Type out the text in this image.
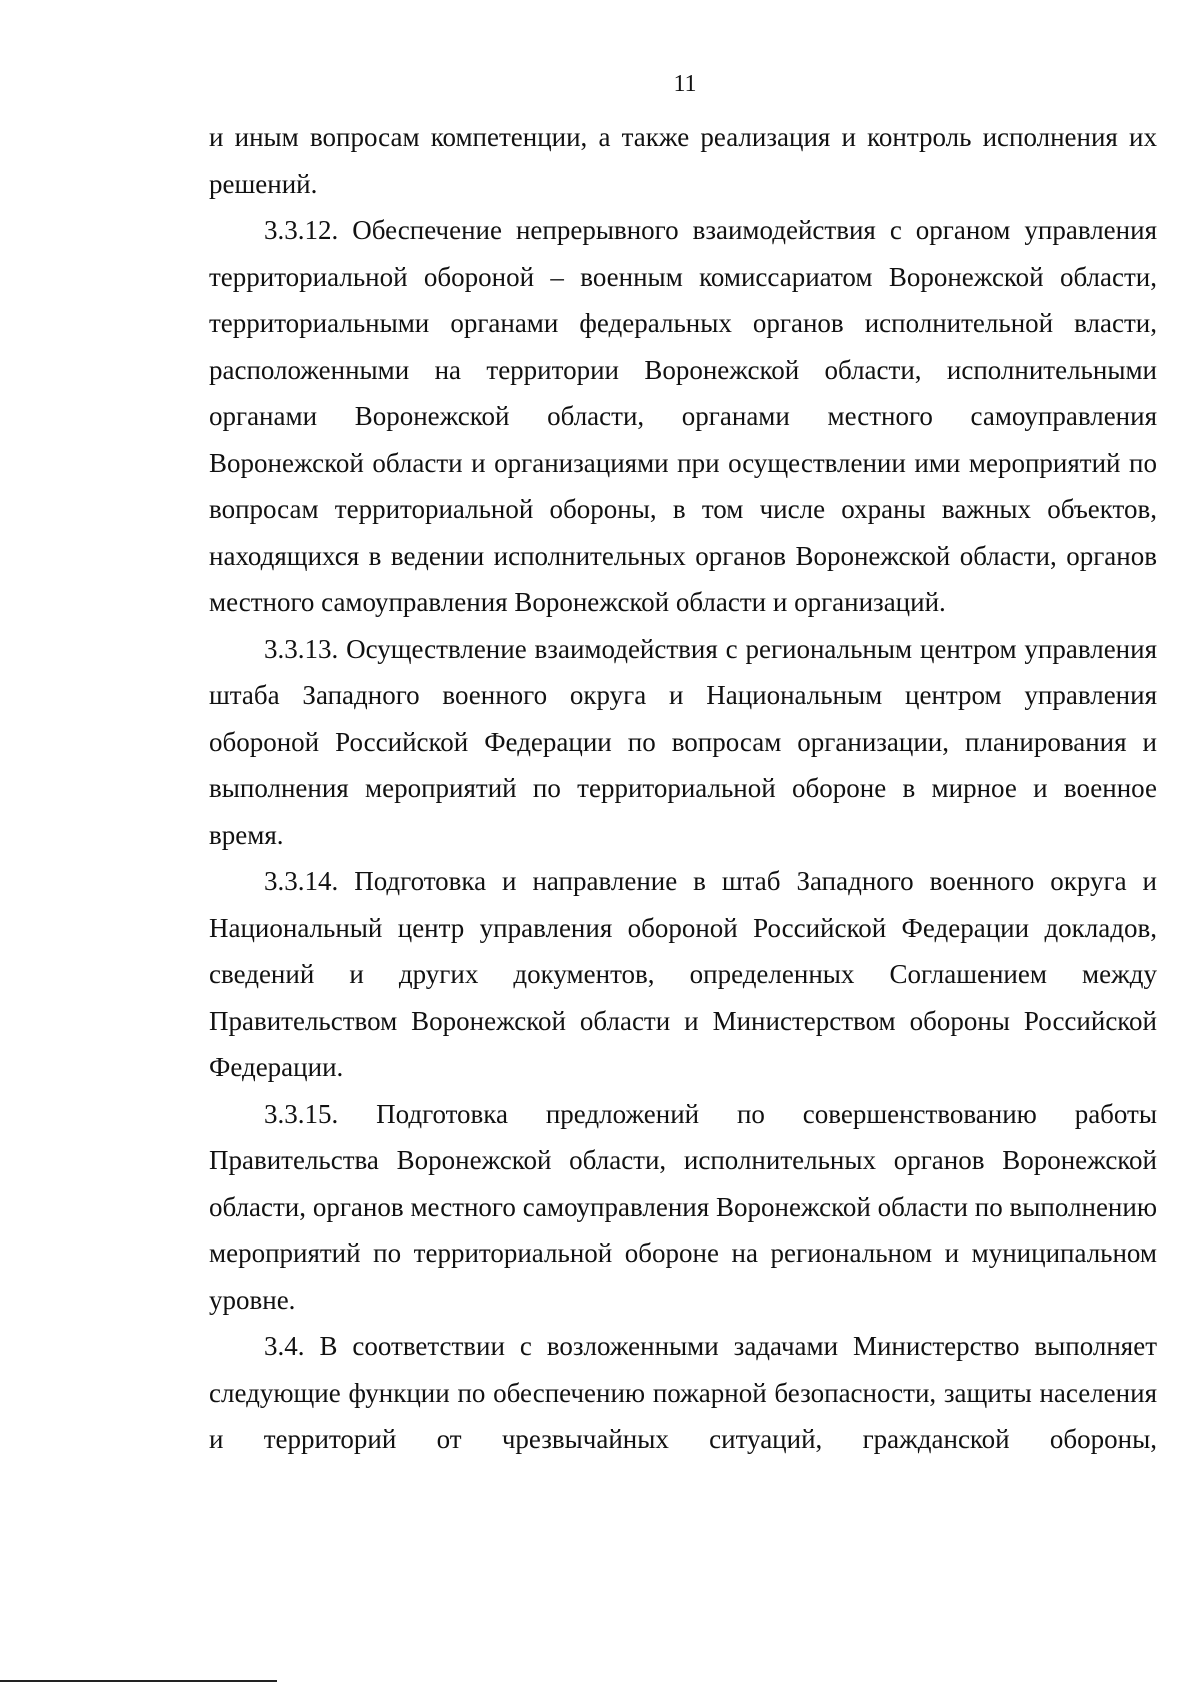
11

и иным вопросам компетенции, а также реализация и контроль исполнения их решений.

3.3.12. Обеспечение непрерывного взаимодействия с органом управления территориальной обороной – военным комиссариатом Воронежской области, территориальными органами федеральных органов исполнительной власти, расположенными на территории Воронежской области, исполнительными органами Воронежской области, органами местного самоуправления Воронежской области и организациями при осуществлении ими мероприятий по вопросам территориальной обороны, в том числе охраны важных объектов, находящихся в ведении исполнительных органов Воронежской области, органов местного самоуправления Воронежской области и организаций.

3.3.13. Осуществление взаимодействия с региональным центром управления штаба Западного военного округа и Национальным центром управления обороной Российской Федерации по вопросам организации, планирования и выполнения мероприятий по территориальной обороне в мирное и военное время.

3.3.14. Подготовка и направление в штаб Западного военного округа и Национальный центр управления обороной Российской Федерации докладов, сведений и других документов, определенных Соглашением между Правительством Воронежской области и Министерством обороны Российской Федерации.

3.3.15. Подготовка предложений по совершенствованию работы Правительства Воронежской области, исполнительных органов Воронежской области, органов местного самоуправления Воронежской области по выполнению мероприятий по территориальной обороне на региональном и муниципальном уровне.

3.4. В соответствии с возложенными задачами Министерство выполняет следующие функции по обеспечению пожарной безопасности, защиты населения и территорий от чрезвычайных ситуаций, гражданской обороны,
